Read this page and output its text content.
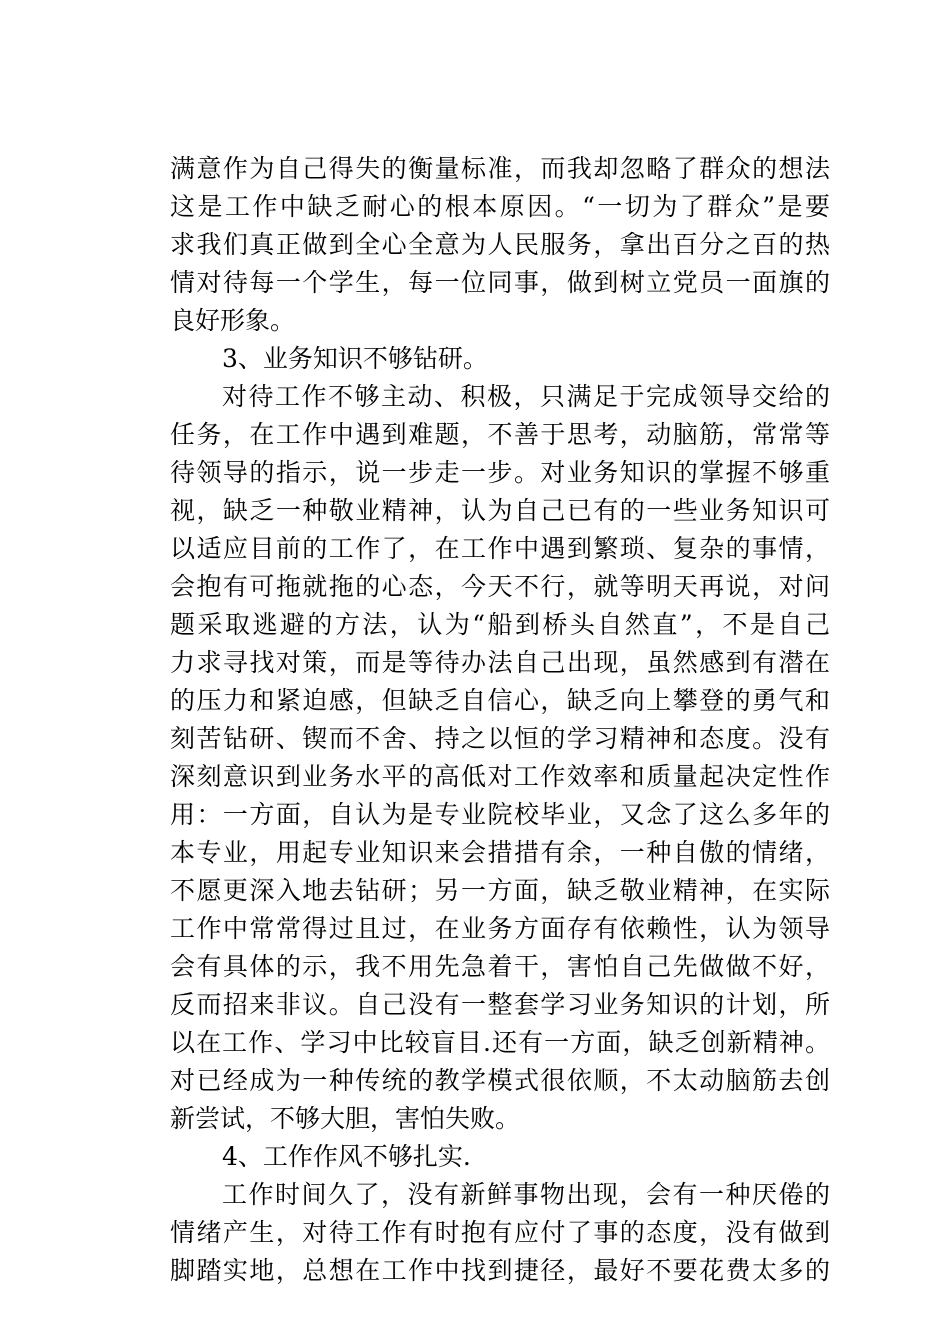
满意作为自己得失的衡量标准，而我却忽略了群众的想法
这是工作中缺乏耐心的根本原因。“一切为了群众”是要
求我们真正做到全心全意为人民服务，拿出百分之百的热
情对待每一个学生，每一位同事，做到树立党员一面旗的
良好形象。
3、业务知识不够钻研。
对待工作不够主动、积极，只满足于完成领导交给的
任务，在工作中遇到难题，不善于思考，动脑筋，常常等
待领导的指示，说一步走一步。对业务知识的掌握不够重
视，缺乏一种敬业精神，认为自己已有的一些业务知识可
以适应目前的工作了，在工作中遇到繁琐、复杂的事情，
会抱有可拖就拖的心态，今天不行，就等明天再说，对问
题采取逃避的方法，认为“船到桥头自然直”，不是自己
力求寻找对策，而是等待办法自己出现，虽然感到有潜在
的压力和紧迫感，但缺乏自信心，缺乏向上攀登的勇气和
刻苦钻研、锲而不舍、持之以恒的学习精神和态度。没有
深刻意识到业务水平的高低对工作效率和质量起决定性作
用：一方面，自认为是专业院校毕业，又念了这么多年的
本专业，用起专业知识来会措措有余，一种自傲的情绪，
不愿更深入地去钻研；另一方面，缺乏敬业精神，在实际
工作中常常得过且过，在业务方面存有依赖性，认为领导
会有具体的示，我不用先急着干，害怕自己先做做不好，
反而招来非议。自己没有一整套学习业务知识的计划，所
以在工作、学习中比较盲目.还有一方面，缺乏创新精神。
对已经成为一种传统的教学模式很依顺，不太动脑筋去创
新尝试，不够大胆，害怕失败。
4、工作作风不够扎实.
工作时间久了，没有新鲜事物出现，会有一种厌倦的
情绪产生，对待工作有时抱有应付了事的态度，没有做到
脚踏实地，总想在工作中找到捷径，最好不要花费太多的
